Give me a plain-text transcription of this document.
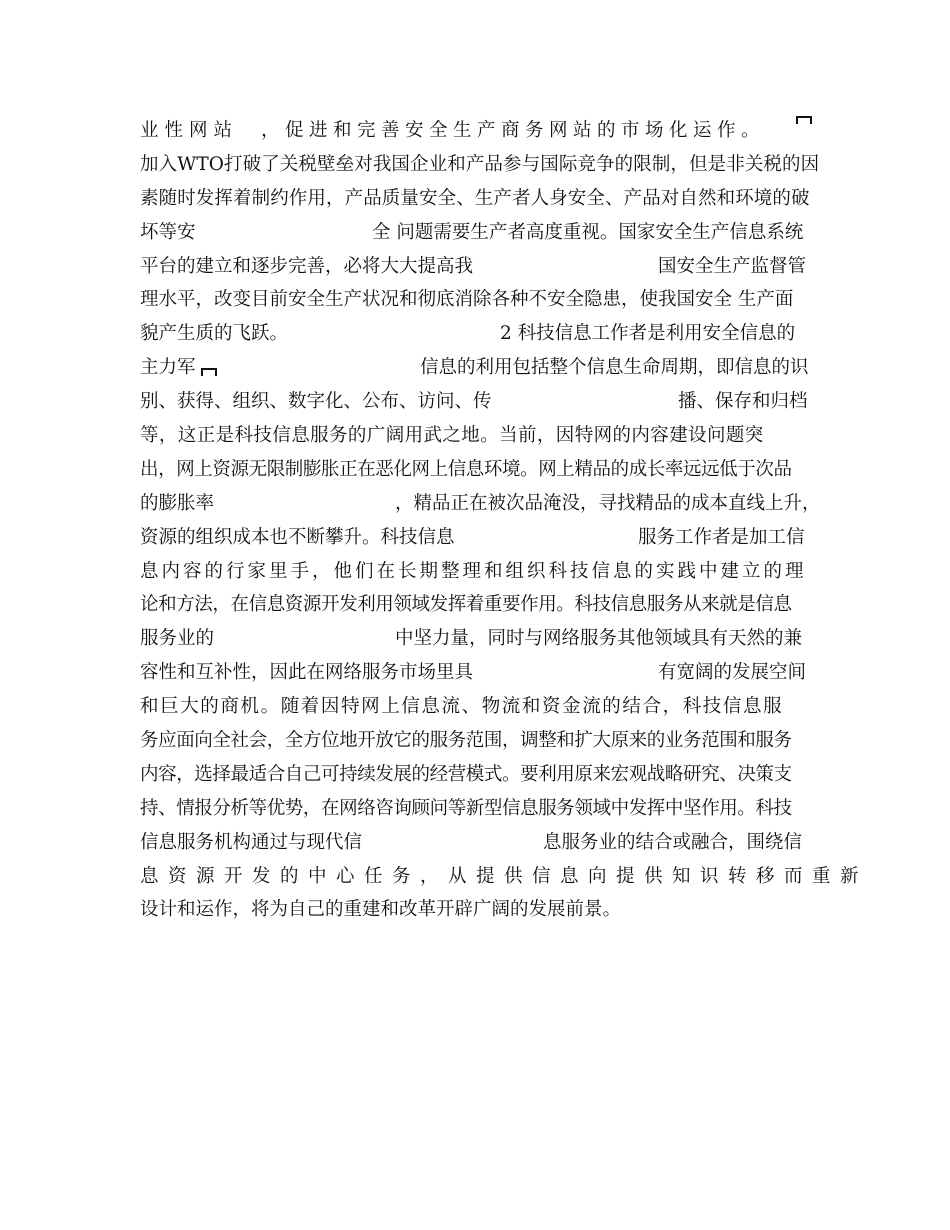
业性网站 ，促进和完善安全生产商务网站的市场化运作。
加入WTO打破了关税壁垒对我国企业和产品参与国际竞争的限制，但是非关税的因
素随时发挥着制约作用，产品质量安全、生产者人身安全、产品对自然和环境的破
坏等安	全 问题需要生产者高度重视。国家安全生产信息系统
平台的建立和逐步完善，必将大大提高我	国安全生产监督管
理水平，改变目前安全生产状况和彻底消除各种不安全隐患，使我国安全 生产面
貌产生质的飞跃。	2 科技信息工作者是利用安全信息的
主力军	信息的利用包括整个信息生命周期，即信息的识
别、获得、组织、数字化、公布、访问、传	播、保存和归档
等，这正是科技信息服务的广阔用武之地。当前，因特网的内容建设问题突
出，网上资源无限制膨胀正在恶化网上信息环境。网上精品的成长率远远低于次品
的膨胀率	，精品正在被次品淹没，寻找精品的成本直线上升，
资源的组织成本也不断攀升。科技信息	服务工作者是加工信
息内容的行家里手，他们在长期整理和组织科技信息的实践中建立的理
论和方法，在信息资源开发利用领域发挥着重要作用。科技信息服务从来就是信息
服务业的	中坚力量，同时与网络服务其他领域具有天然的兼
容性和互补性，因此在网络服务市场里具	有宽阔的发展空间
和巨大的商机。随着因特网上信息流、物流和资金流的结合，科技信息服
务应面向全社会，全方位地开放它的服务范围，调整和扩大原来的业务范围和服务
内容，选择最适合自己可持续发展的经营模式。要利用原来宏观战略研究、决策支
持、情报分析等优势，在网络咨询顾问等新型信息服务领域中发挥中坚作用。科技
信息服务机构通过与现代信	息服务业的结合或融合，围绕信
息资源开发的中心任务，从提供信息向提供知识转移而重新
设计和运作，将为自己的重建和改革开辟广阔的发展前景。
